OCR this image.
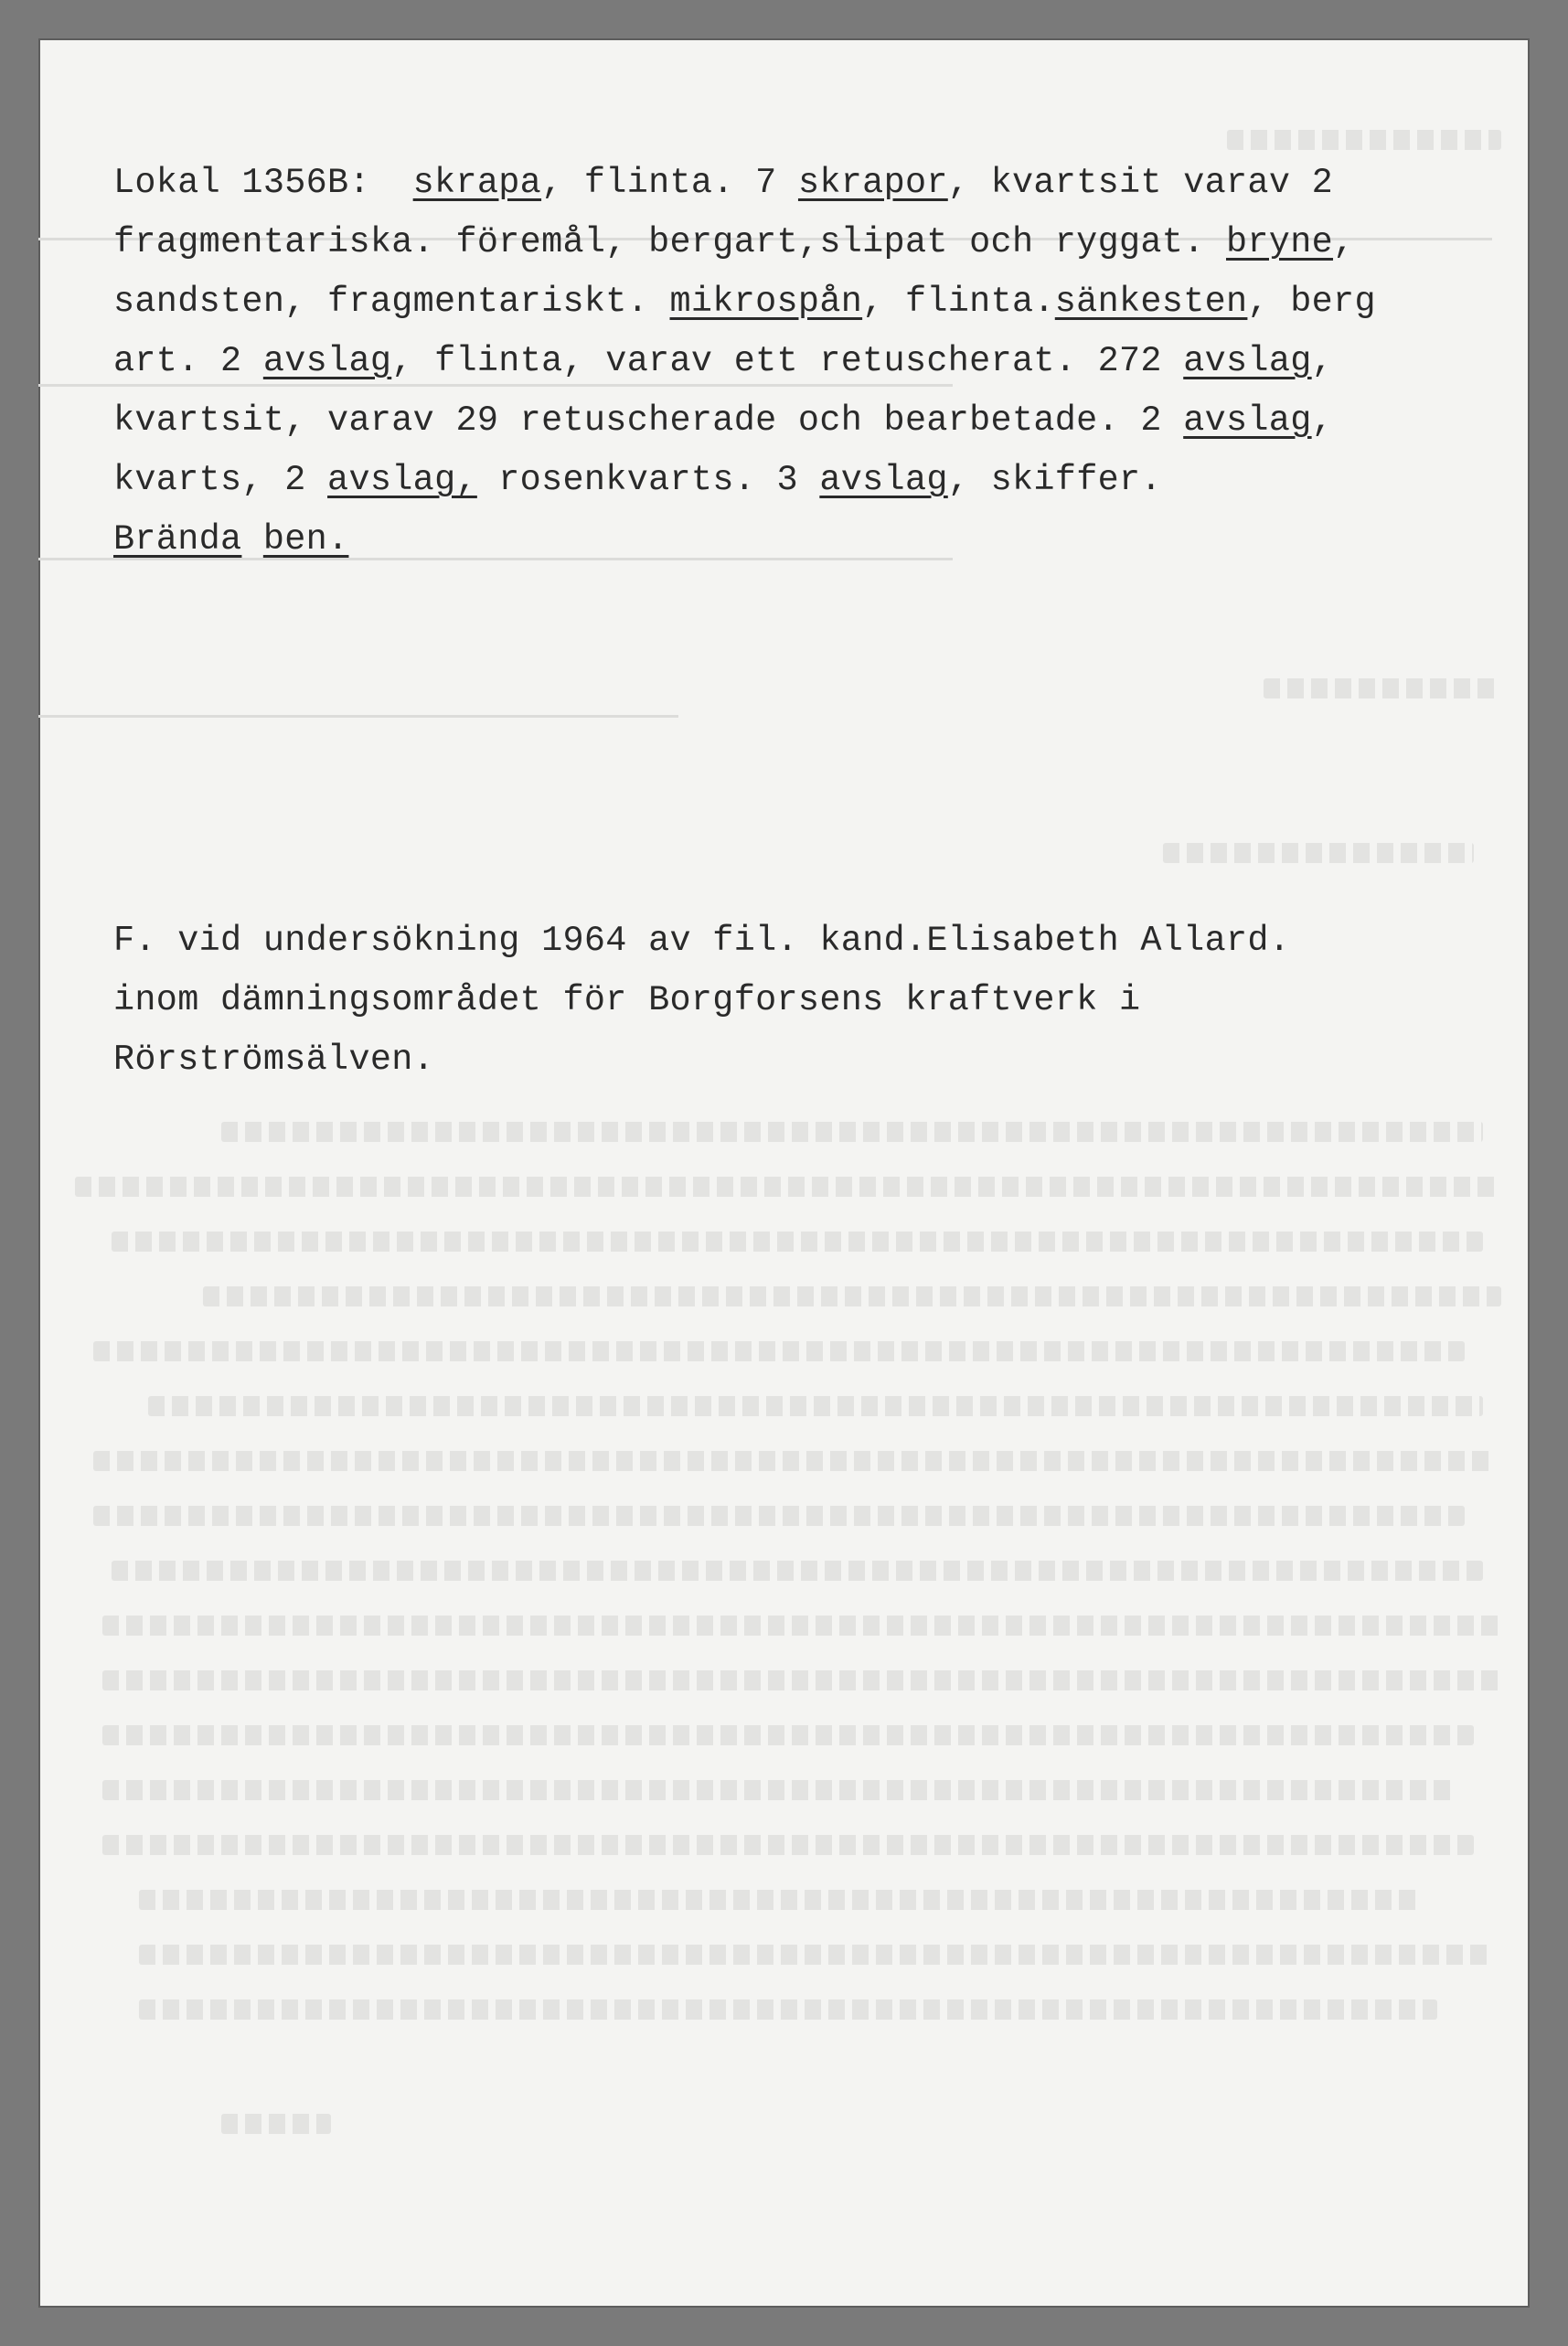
Lokal 1356B:  skrapa, flinta. 7 skrapor, kvartsit varav 2
fragmentariska. föremål, bergart,slipat och ryggat. bryne,
sandsten, fragmentariskt. mikrospån, flinta.sänkesten, berg
art. 2 avslag, flinta, varav ett retuscherat. 272 avslag,
kvartsit, varav 29 retuscherade och bearbetade. 2 avslag,
kvarts, 2 avslag, rosenkvarts. 3 avslag, skiffer.
Brända ben.

F. vid undersökning 1964 av fil. kand.Elisabeth Allard.
inom dämningsområdet för Borgforsens kraftverk i
Rörströmsälven.
